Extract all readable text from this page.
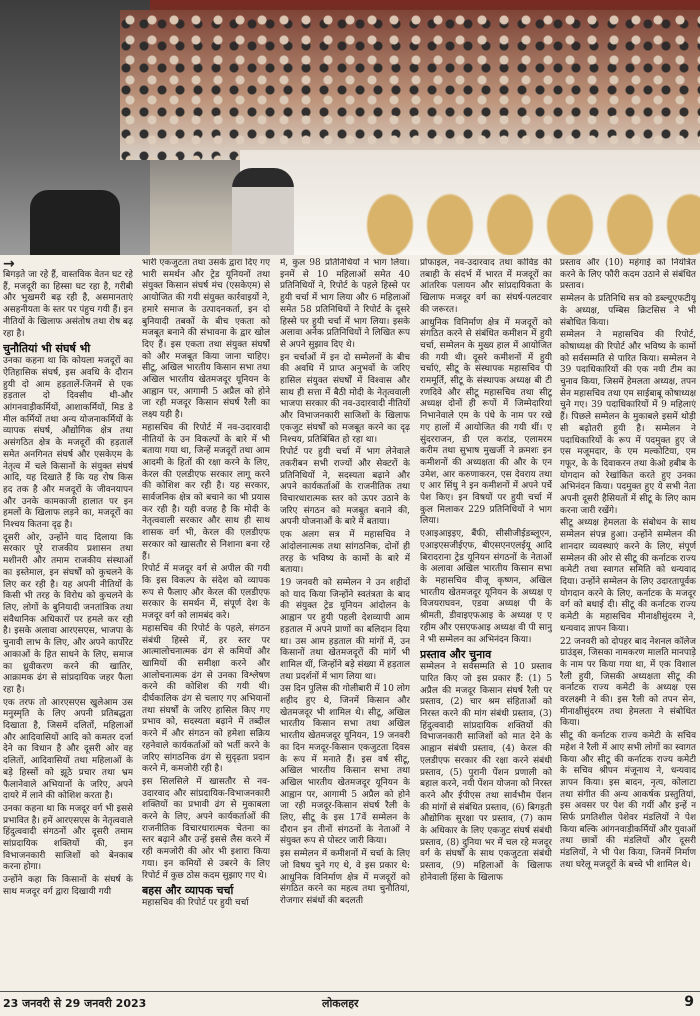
→

बिगड़ते जा रहे हैं, वास्तविक वेतन घट रहे हैं, मजदूरी का हिस्सा घट रहा है, गरीबी और भुखमरी बढ़ रही है, असमानताएं असहनीयता के स्तर पर पंहुच गयी हैं। इन नीतियों के खिलाफ असंतोष तथा रोष बढ़ रहा है।

चुनौतियां भी संघर्ष भी

उनका कहना था कि कोयला मजदूरों का ऐतिहासिक संघर्ष, इस अवधि के दौरान हुयी दो आम हड़तालें-जिनमें से एक हड़ताल दो दिवसीय थी-और आंगनवाड़ीकर्मियों, आशाकर्मियों, मिड डे मील कर्मियों तथा अन्य योजनाकर्मियों के व्यापक संघर्ष, औद्योगिक क्षेत्र तथा असंगठित क्षेत्र के मजदूरों की हड़तालें समेत अनगिनत संघर्ष और एसकेएम के नेतृत्व में चले किसानों के संयुक्त संघर्ष आदि, यह दिखाते हैं कि यह रोष किस हद तक है और मजदूरों के जीवनयापन और उनके कामकाजी हालात पर इन हमलों के खिलाफ लड़ने का, मजदूरों का निश्चय कितना दृढ़ है।

दूसरी ओर, उन्होंने याद दिलाया कि सरकार पूरे राजकीय प्रशासन तथा मशीनरी और तमाम राजकीय संस्थाओं का इस्तेमाल, इन संघर्षों को कुचलने के लिए कर रही है। यह अपनी नीतियों के किसी भी तरह के विरोध को कुचलने के लिए, लोगों के बुनियादी जनतांत्रिक तथा संवैधानिक अधिकारों पर हमले कर रही है। इसके अलावा आरएसएस, भाजपा के चुनावी लाभ के लिए, और अपने कार्पोरेट आकाओं के हित साधने के लिए, समाज का ध्रुवीकरण करने की खातिर, आक्रामक ढंग से सांप्रदायिक जहर फैला रहा है।

एक तरफ तो आरएसएस खुलेआम उस मनुस्मृति के लिए अपनी प्रतिबद्धता दिखाता है, जिसमें दलितों, महिलाओं और आदिवासियों आदि को कमतर दर्जा देने का विधान है और दूसरी ओर वह दलितों, आदिवासियों तथा महिलाओं के बड़े हिस्सों को झूठे प्रचार तथा भ्रम फैलानेवाले अभियानों के जरिए, अपने दायरे में लाने की कोशिश करता है।

उनका कहना था कि मजदूर वर्ग भी इससे प्रभावित है। हमें आरएसएस के नेतृत्ववाले हिंदुत्ववादी संगठनों और दूसरी तमाम सांप्रदायिक शक्तियों की, इन विभाजनकारी साजिशों को बेनकाब करना होगा।

उन्होंने कहा कि किसानों के संघर्ष के साथ मजदूर वर्ग द्वारा दिखायी गयी

भारी एकजुटता तथा उसके द्वारा दिए गए भारी समर्थन और ट्रेड यूनियनों तथा संयुक्त किसान संघर्ष मंच (एसकेएम) से आयोजित की गयी संयुक्त कार्रवाइयों ने, हमारे समाज के उत्पादनकर्ता, इन दो बुनियादी तबकों के बीच एकता को मजबूत बनाने की संभावना के द्वार खोल दिए हैं। इस एकता तथा संयुक्त संघर्षों को और मजबूत किया जाना चाहिए। सीटू, अखिल भारतीय किसान सभा तथा अखिल भारतीय खेतमजदूर यूनियन के आह्वान पर, आगामी 5 अप्रैल को होने जा रही मजदूर किसान संघर्ष रैली का लक्ष्य यही है।

महासचिव की रिपोर्ट में नव-उदारवादी नीतियों के उन विकल्पों के बारे में भी बताया गया था, जिन्हें मजदूरों तथा आम आदमी के हितों की रक्षा करने के लिए, केरल की एलडीएफ सरकार लागू करने की कोशिश कर रही है। यह सरकार, सार्वजनिक क्षेत्र को बचाने का भी प्रयास कर रही है। यही वजह है कि मोदी के नेतृत्ववाली सरकार और साथ ही साथ शासक वर्ग भी, केरल की एलडीएफ सरकार को खासतौर से निशाना बना रहे हैं।

रिपोर्ट में मजदूर वर्ग से अपील की गयी कि इस विकल्प के संदेश को व्यापक रूप से फैलाए और केरल की एलडीएफ सरकार के समर्थन में, संपूर्ण देश के मजदूर वर्ग को लामबंद करे।

महासचिव की रिपोर्ट के पहले, संगठन संबंधी हिस्से में, हर स्तर पर आत्मालोचनात्मक ढंग से कमियों और खामियों की समीक्षा करने और आलोचनात्मक ढंग से उनका विश्लेषण करने की कोशिश की गयी थी। दीर्घकालिक ढंग से चलाए गए अभियानों तथा संघर्षों के जरिए हासिल किए गए प्रभाव को, सदस्यता बढ़ाने में तब्दील करने में और संगठन को हमेशा सक्रिय रहनेवाले कार्यकर्ताओं को भर्ती करने के जरिए सांगठनिक ढंग से सुदृढ़ता प्रदान करने में, कमजोरी रही है।

इस सिलसिले में खासतौर से नव-उदारवाद और सांप्रदायिक-विभाजनकारी शक्तियों का प्रभावी ढंग से मुकाबला करने के लिए, अपने कार्यकर्ताओं की राजनीतिक विचारधारात्मक चेतना का स्तर बढ़ाने और उन्हें इससे लैस करने में रही कमजोरी की ओर भी इशारा किया गया। इन कमियों से उबरने के लिए रिपोर्ट में कुछ ठोस कदम सुझाए गए थे।

बहस और व्यापक चर्चा

महासचिव की रिपोर्ट पर हुयी चर्चा

में, कुल 98 प्रतिनिधियों ने भाग लिया। इनमें से 10 महिलाओं समेत 40 प्रतिनिधियों ने, रिपोर्ट के पहले हिस्से पर हुयी चर्चा में भाग लिया और 6 महिलाओं समेत 58 प्रतिनिधियों ने रिपोर्ट के दूसरे हिस्से पर हुयी चर्चा में भाग लिया। इसके अलावा अनेक प्रतिनिधियों ने लिखित रूप से अपने सुझाव दिए थे।

इन चर्चाओं में इन दो सम्मेलनों के बीच की अवधि में प्राप्त अनुभवों के जरिए हासिल संयुक्त संघर्षों में विश्वास और साथ ही सत्ता में बैठी मोदी के नेतृत्ववाली भाजपा सरकार की नव-उदारवादी नीतियों और विभाजनकारी साजिशों के खिलाफ एकजुट संघर्षों को मजबूत करने का दृढ़ निश्चय, प्रतिबिंबित हो रहा था।

रिपोर्ट पर हुयी चर्चा में भाग लेनेवाले तकरीबन सभी राज्यों और सेक्टरों के प्रतिनिधियों ने, सदस्यता बढ़ाने और अपने कार्यकर्ताओं के राजनीतिक तथा विचारधारात्मक स्तर को ऊपर उठाने के जरिए संगठन को मजबूत बनाने की, अपनी योजनाओं के बारे में बताया।

एक अलग सत्र में महासचिव ने आंदोलनात्मक तथा सांगठनिक, दोनों ही तरह के भविष्य के कामों के बारे में बताया।

19 जनवरी को सम्मेलन ने उन शहीदों को याद किया जिन्होंने स्वतंत्रता के बाद की संयुक्त ट्रेड यूनियन आंदोलन के आह्वान पर हुयी पहली देशव्यापी आम हड़ताल में अपने प्राणों का बलिदान दिया था। उस आम हड़ताल की मांगों में, उन किसानों तथा खेतमजदूरों की मांगें भी शामिल थीं, जिन्होंने बड़े संख्या में हड़ताल तथा प्रदर्शनों में भाग लिया था।

उस दिन पुलिस की गोलीबारी में 10 लोग शहीद हुए थे, जिनमें किसान और खेतमजदूर भी शामिल थे। सीटू, अखिल भारतीय किसान सभा तथा अखिल भारतीय खेतमजदूर यूनियन, 19 जनवरी का दिन मजदूर-किसान एकजुटता दिवस के रूप में मनाते हैं। इस वर्ष सीटू, अखिल भारतीय किसान सभा तथा अखिल भारतीय खेतमजदूर यूनियन के आह्वान पर, आगामी 5 अप्रैल को होने जा रही मजदूर-किसान संघर्ष रैली के लिए, सीटू के इस 17वें सम्मेलन के दौरान इन तीनों संगठनों के नेताओं ने संयुक्त रूप से पोस्टर जारी किया।

इस सम्मेलन में कमीशनों में चर्चा के लिए जो विषय चुने गए थे, वे इस प्रकार थे: आधुनिक विनिर्माण क्षेत्र में मजदूरों को संगठित करने का महत्व तथा चुनौतियां, रोजगार संबंधों की बदलती

प्रोफाइल, नव-उदारवाद तथा कोविड की तबाही के संदर्भ में भारत में मजदूरों का आंतरिक पलायन और सांप्रदायिकता के खिलाफ मजदूर वर्ग का संघर्ष-पलटवार की जरूरत।

आधुनिक विनिर्माण क्षेत्र में मजदूरों को संगठित करने से संबंधित कमीशन में हुयी चर्चा, सम्मेलन के मुख्य हाल में आयोजित की गयी थी। दूसरे कमीशनों में हुयी चर्चाएं, सीटू के संस्थापक महासचिव पी राममूर्ति, सीटू के संस्थापक अध्यक्ष बी टी रणदिवे और सीटू महासचिव तथा सीटू अध्यक्ष दोनों ही रूपों में जिम्मेदारियां निभानेवाले एम के पंधे के नाम पर रखे गए हालों में आयोजित की गयी थीं। ए सुंदरराजन, डी एल करांड, एलामरम करीम तथा सुभाष मुखर्जी ने क्रमशः इन कमीशनों की अध्यक्षता की और के एन उमेश, आर करुणाकरन, एस देवराय तथा ए आर सिंधु ने इन कमीशनों में अपने पर्चे पेश किए। इन विषयों पर हुयी चर्चा में कुल मिलाकर 229 प्रतिनिधियों ने भाग लिया।

एआइआइइए, बैंफी, सीसीजीईडब्लूएन, एआइएसजीईएफ, बीएसएनएलईयू आदि बिरादराना ट्रेड यूनियन संगठनों के नेताओं के अलावा अखिल भारतीय किसान सभा के महासचिव वीजू कृष्णन, अखिल भारतीय खेतमजदूर यूनियन के अध्यक्ष ए विजयराघवन, एडवा अध्यक्ष पी के श्रीमती, डीवाइएफआइ के अध्यक्ष ए ए रहीम और एसएफआइ अध्यक्ष वी पी सानु ने भी सम्मेलन का अभिनंदन किया।

प्रस्ताव और चुनाव

सम्मेलन ने सर्वसम्मति से 10 प्रस्ताव पारित किए जो इस प्रकार हैं: (1) 5 अप्रैल की मजदूर किसान संघर्ष रैली पर प्रस्ताव, (2) चार श्रम संहिताओं को निरस्त करने की मांग संबंधी प्रस्ताव, (3) हिंदुत्ववादी सांप्रदायिक शक्तियों की विभाजनकारी साजिशों को मात देने के आह्वान संबंधी प्रस्ताव, (4) केरल की एलडीएफ सरकार की रक्षा करने संबंधी प्रस्ताव, (5) पुरानी पेंशन प्रणाली को बहाल करने, नयी पेंशन योजना को निरस्त करने और ईपीएस तथा सार्वभौम पेंशन की मांगों से संबंधित प्रस्ताव, (6) बिगड़ती औद्योगिक सुरक्षा पर प्रस्ताव, (7) काम के अधिकार के लिए एकजुट संघर्ष संबंधी प्रस्ताव, (8) दुनिया भर में चल रहे मजदूर वर्ग के संघर्षों के साथ एकजुटता संबंधी प्रस्ताव, (9) महिलाओं के खिलाफ होनेवाली हिंसा के खिलाफ

प्रस्ताव और (10) महंगाई को नियंत्रित करने के लिए फौरी कदम उठाने से संबंधित प्रस्ताव।

सम्मेलन के प्रतिनिधि सत्र को डब्ल्यूएफटीयू के अध्यक्ष, पम्बिस क्रिटसिस ने भी संबोधित किया।

सम्मेलन ने महासचिव की रिपोर्ट, कोषाध्यक्ष की रिपोर्ट और भविष्य के कामों को सर्वसम्मति से पारित किया। सम्मेलन ने 39 पदाधिकारियों की एक नयी टीम का चुनाव किया, जिसमें हेमलता अध्यक्ष, तपन सेन महासचिव तथा एम साईबाबू कोषाध्यक्ष चुने गए। 39 पदाधिकारियों में 9 महिलाएं हैं। पिछले सम्मेलन के मुकाबले इसमें थोड़ी सी बढ़ोतरी हुयी है। सम्मेलन ने पदाधिकारियों के रूप में पदमुक्त हुए जे एस मजूमदार, के एम मल्कोटिया, एम गफूर, के के दिवाकरन तथा केओ हबीब के योगदान को रेखांकित करते हुए उनका अभिनंदन किया। पदमुक्त हुए ये सभी नेता अपनी दूसरी हैसियतों में सीटू के लिए काम करना जारी रखेंगे।

सीटू अध्यक्ष हेमलता के संबोधन के साथ सम्मेलन संपन्न हुआ। उन्होंने सम्मेलन की शानदार व्यवस्थाएं करने के लिए, संपूर्ण सम्मेलन की ओर से सीटू की कर्नाटक राज्य कमेटी तथा स्वागत समिति को धन्यवाद दिया। उन्होंने सम्मेलन के लिए उदारतापूर्वक योगदान करने के लिए, कर्नाटक के मजदूर वर्ग को बधाई दी। सीटू की कर्नाटक राज्य कमेटी के महासचिव मीनाक्षीसुंदरम ने, धन्यवाद ज्ञापन किया।

22 जनवरी को दोपहर बाद नेशनल कॉलेज ग्राउंड्स, जिसका नामकरण मालति मानपाड़े के नाम पर किया गया था, में एक विशाल रैली हुयी, जिसकी अध्यक्षता सीटू की कर्नाटक राज्य कमेटी के अध्यक्ष एस वरलक्ष्मी ने की। इस रैली को तपन सेन, मीनाक्षीसुंदरम तथा हेमलता ने संबोधित किया।

सीटू की कर्नाटक राज्य कमेटी के सचिव महेश ने रैली में आए सभी लोगों का स्वागत किया और सीटू की कर्नाटक राज्य कमेटी के सचिव श्रीपन मंजूनाथ ने, धन्यवाद ज्ञापन किया। इस बादन, नृत्य, कोलाटा तथा संगीत की अन्य आकर्षक प्रस्तुतियां, इस अवसर पर पेश की गयीं और इन्हें न सिर्फ प्रगतिशील पेशेवर मंडलियों ने पेश किया बल्कि आंगनवाड़ीकर्मियों और युवाओं तथा छात्रों की मंडलियों और दूसरी मंडलियों, ने भी पेश किया, जिनमें निर्माण तथा घरेलू मजदूरों के बच्चे भी शामिल थे।

23 जनवरी से 29 जनवरी 2023	लोकलहर	9
